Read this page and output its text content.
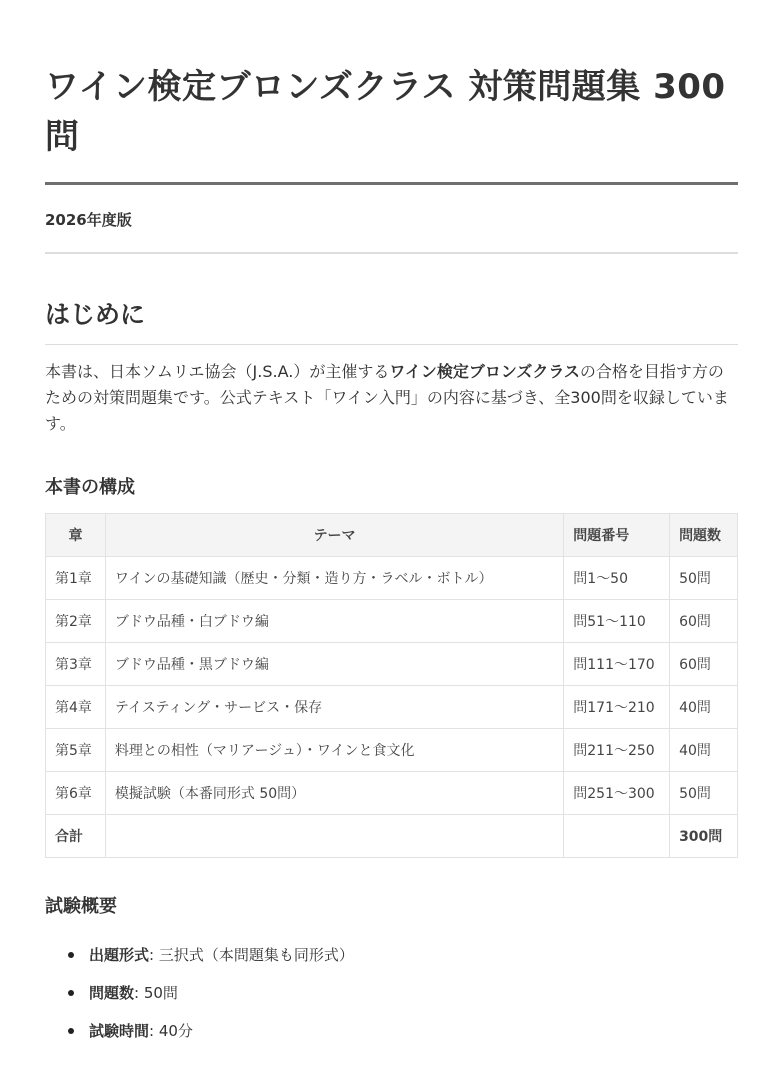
ワイン検定ブロンズクラス 対策問題集 300問
2026年度版
はじめに

本書は、日本ソムリエ協会（J.S.A.）が主催するワイン検定ブロンズクラスの合格を目指す方のための対策問題集です。公式テキスト「ワイン入門」の内容に基づき、全300問を収録しています。

本書の構成
章	テーマ	問題番号	問題数
第1章	ワインの基礎知識（歴史・分類・造り方・ラベル・ボトル）	問1〜50	50問
第2章	ブドウ品種・白ブドウ編	問51〜110	60問
第3章	ブドウ品種・黒ブドウ編	問111〜170	60問
第4章	テイスティング・サービス・保存	問171〜210	40問
第5章	料理との相性（マリアージュ）・ワインと食文化	問211〜250	40問
第6章	模擬試験（本番同形式 50問）	問251〜300	50問
合計			300問
試験概要
出題形式: 三択式（本問題集も同形式）
問題数: 50問
試験時間: 40分
